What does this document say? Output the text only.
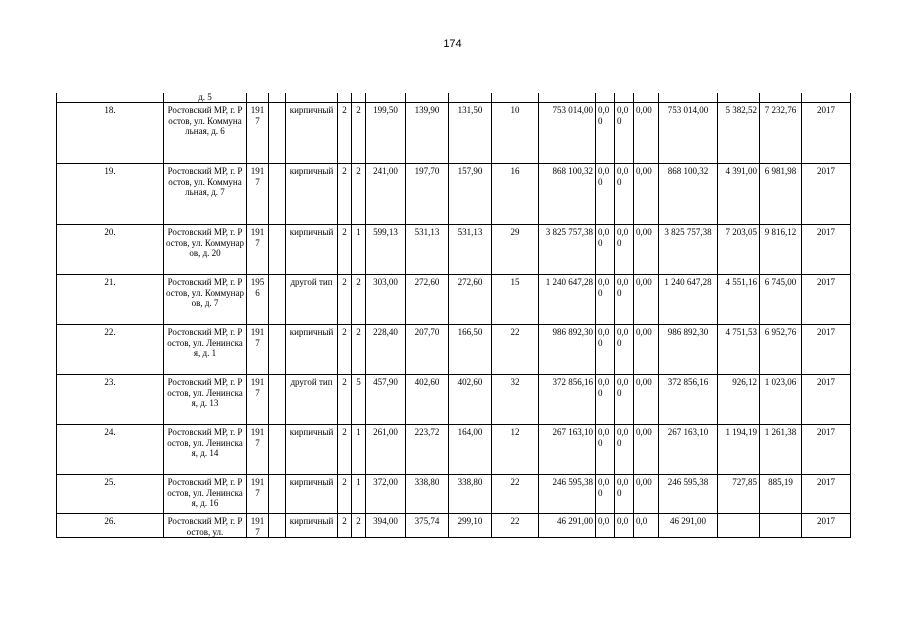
174
	д. 5																	
18.	Ростовский МР, г. Ростов, ул. Коммунальная, д. 6	1917		кирпичный	2	2	199,50	139,90	131,50	10	753 014,00	0,00	0,00	0,00	753 014,00	5 382,52	7 232,76	2017
19.	Ростовский МР, г. Ростов, ул. Коммунальная, д. 7	1917		кирпичный	2	2	241,00	197,70	157,90	16	868 100,32	0,00	0,00	0,00	868 100,32	4 391,00	6 981,98	2017
20.	Ростовский МР, г. Ростов, ул. Коммунаров, д. 20	1917		кирпичный	2	1	599,13	531,13	531,13	29	3 825 757,38	0,00	0,00	0,00	3 825 757,38	7 203,05	9 816,12	2017
21.	Ростовский МР, г. Ростов, ул. Коммунаров, д. 7	1956		другой тип	2	2	303,00	272,60	272,60	15	1 240 647,28	0,00	0,00	0,00	1 240 647,28	4 551,16	6 745,00	2017
22.	Ростовский МР, г. Ростов, ул. Ленинская, д. 1	1917		кирпичный	2	2	228,40	207,70	166,50	22	986 892,30	0,00	0,00	0,00	986 892,30	4 751,53	6 952,76	2017
23.	Ростовский МР, г. Ростов, ул. Ленинская, д. 13	1917		другой тип	2	5	457,90	402,60	402,60	32	372 856,16	0,00	0,00	0,00	372 856,16	926,12	1 023,06	2017
24.	Ростовский МР, г. Ростов, ул. Ленинская, д. 14	1917		кирпичный	2	1	261,00	223,72	164,00	12	267 163,10	0,00	0,00	0,00	267 163,10	1 194,19	1 261,38	2017
25.	Ростовский МР, г. Ростов, ул. Ленинская, д. 16	1917		кирпичный	2	1	372,00	338,80	338,80	22	246 595,38	0,00	0,00	0,00	246 595,38	727,85	885,19	2017
26.	Ростовский МР, г. Ростов, ул.	1917		кирпичный	2	2	394,00	375,74	299,10	22	46 291,00	0,0	0,0	0,0	46 291,00			2017
